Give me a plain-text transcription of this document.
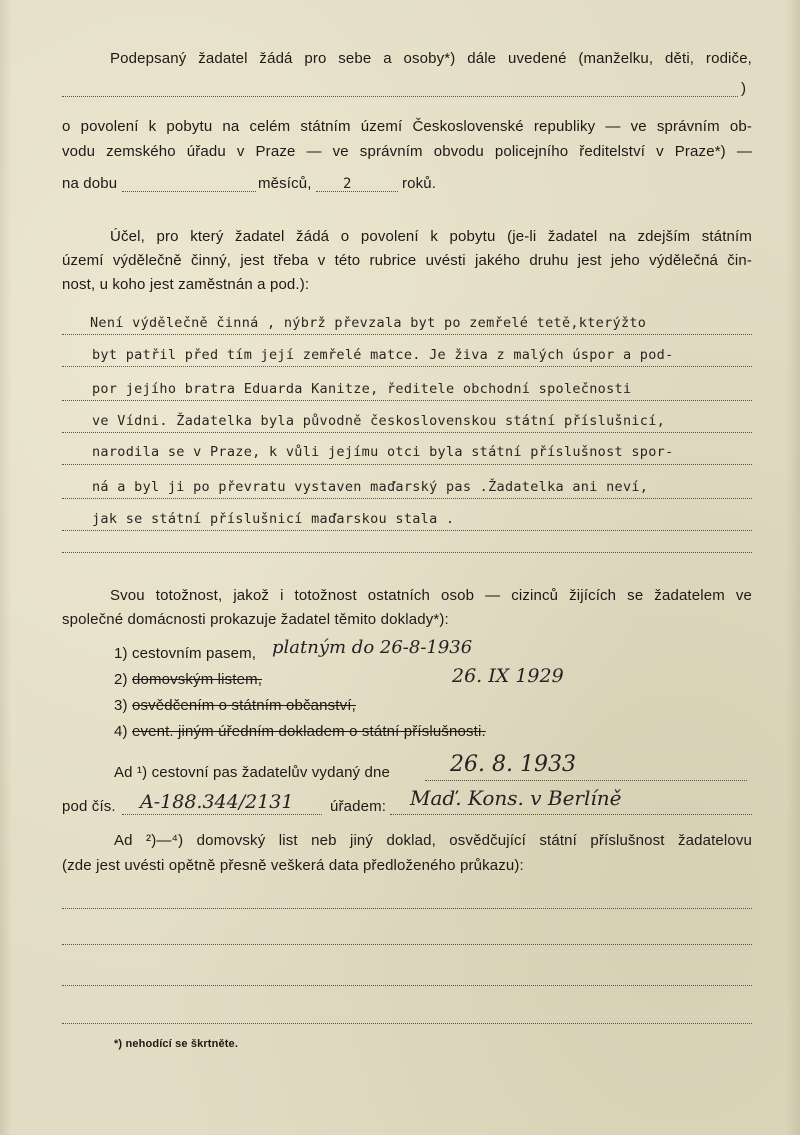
Podepsaný žadatel žádá pro sebe a osoby*) dále uvedené (manželku, děti, rodiče,
)
o povolení k pobytu na celém státním území Československé republiky — ve správním ob-
vodu zemského úřadu v Praze — ve správním obvodu policejního ředitelství v Praze*) —
na dobu	měsíců, 2	roků.
Účel, pro který žadatel žádá o povolení k pobytu (je-li žadatel na zdejším státním
území výdělečně činný, jest třeba v této rubrice uvésti jakého druhu jest jeho výdělečná čin-
nost, u koho jest zaměstnán a pod.):
Není výdělečně činná , nýbrž převzala byt po zemřelé tetě,kterýžto
byt patřil před tím její zemřelé matce. Je živa z malých úspor a pod-
por jejího bratra Eduarda Kanitze, ředitele obchodní společnosti
ve Vídni. Žadatelka byla původně československou státní příslušnicí,
narodila se v Praze, k vůli jejímu otci byla státní příslušnost spor-
ná a byl ji po převratu vystaven maďarský pas .Žadatelka ani neví,
jak se státní příslušnicí maďarskou stala .
Svou totožnost, jakož i totožnost ostatních osob — cizinců žijících se žadatelem ve
společné domácnosti prokazuje žadatel těmito doklady*):
1) cestovním pasem, platným do 26-8-1936
2) domovským listem,	26. IX 1929
3) osvědčením o státním občanství,
4) event. jiným úředním dokladem o státní příslušnosti.
Ad ¹) cestovní pas žadatelův vydaný dne	26. 8. 1933
pod čís. A-188.344/2131 úřadem: Maď. Kons. v Berlíně
Ad ²)—⁴) domovský list neb jiný doklad, osvědčující státní příslušnost žadatelovu
(zde jest uvésti opětně přesně veškerá data předloženého průkazu):
*) nehodící se škrtněte.
